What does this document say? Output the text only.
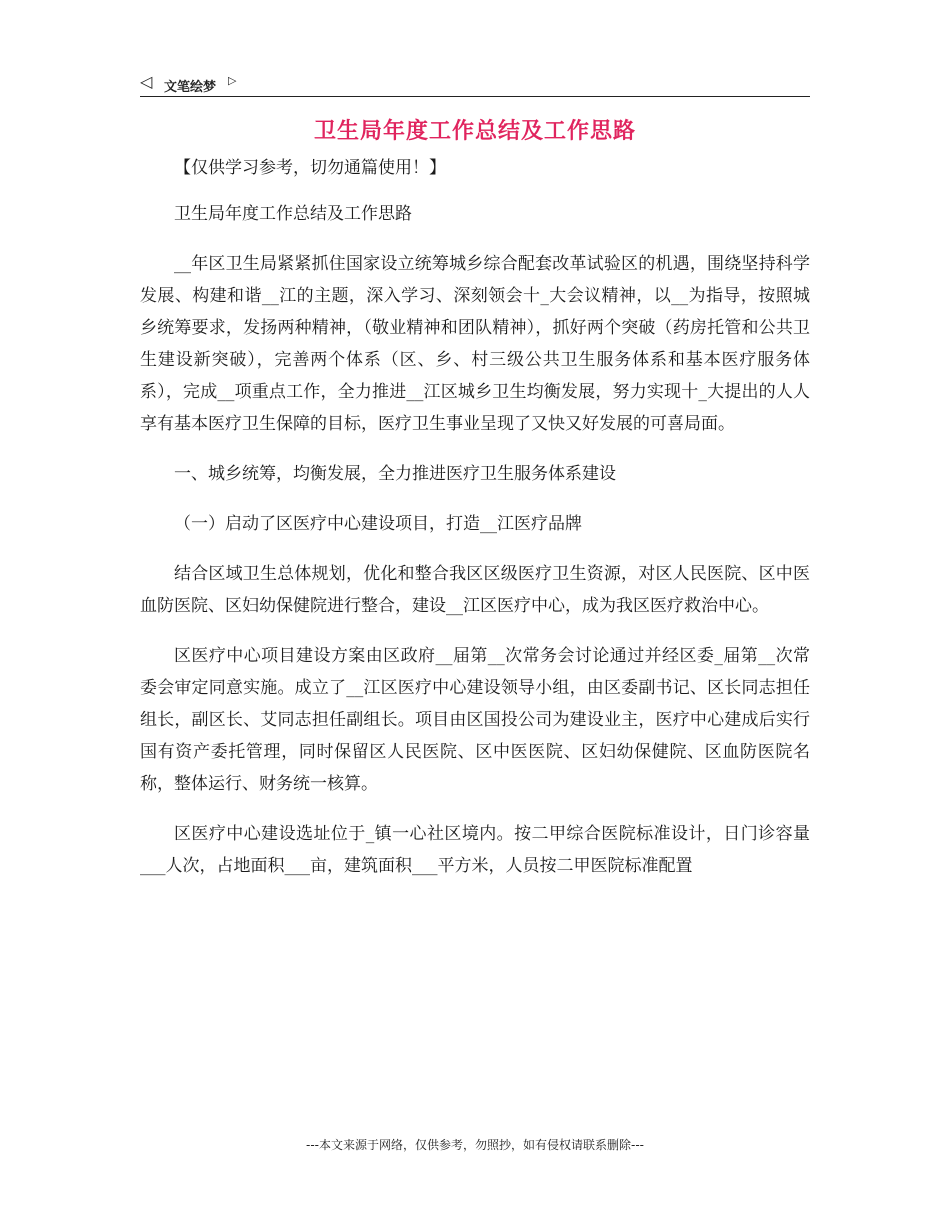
◁ 文笔绘梦 ▷
卫生局年度工作总结及工作思路

【仅供学习参考，切勿通篇使用！】

卫生局年度工作总结及工作思路

__年区卫生局紧紧抓住国家设立统筹城乡综合配套改革试验区的机遇，围绕坚持科学发展、构建和谐__江的主题，深入学习、深刻领会十_大会议精神，以__为指导，按照城乡统筹要求，发扬两种精神，（敬业精神和团队精神），抓好两个突破（药房托管和公共卫生建设新突破），完善两个体系（区、乡、村三级公共卫生服务体系和基本医疗服务体系），完成__项重点工作，全力推进__江区城乡卫生均衡发展，努力实现十_大提出的人人享有基本医疗卫生保障的目标，医疗卫生事业呈现了又快又好发展的可喜局面。

一、城乡统筹，均衡发展，全力推进医疗卫生服务体系建设

（一）启动了区医疗中心建设项目，打造__江医疗品牌

结合区域卫生总体规划，优化和整合我区区级医疗卫生资源，对区人民医院、区中医血防医院、区妇幼保健院进行整合，建设__江区医疗中心，成为我区医疗救治中心。

区医疗中心项目建设方案由区政府__届第__次常务会讨论通过并经区委_届第__次常委会审定同意实施。成立了__江区医疗中心建设领导小组，由区委副书记、区长同志担任组长，副区长、艾同志担任副组长。项目由区国投公司为建设业主，医疗中心建成后实行国有资产委托管理，同时保留区人民医院、区中医医院、区妇幼保健院、区血防医院名称，整体运行、财务统一核算。

区医疗中心建设选址位于_镇一心社区境内。按二甲综合医院标准设计，日门诊容量___人次，占地面积___亩，建筑面积___平方米，人员按二甲医院标准配置

---本文来源于网络，仅供参考，勿照抄，如有侵权请联系删除---
